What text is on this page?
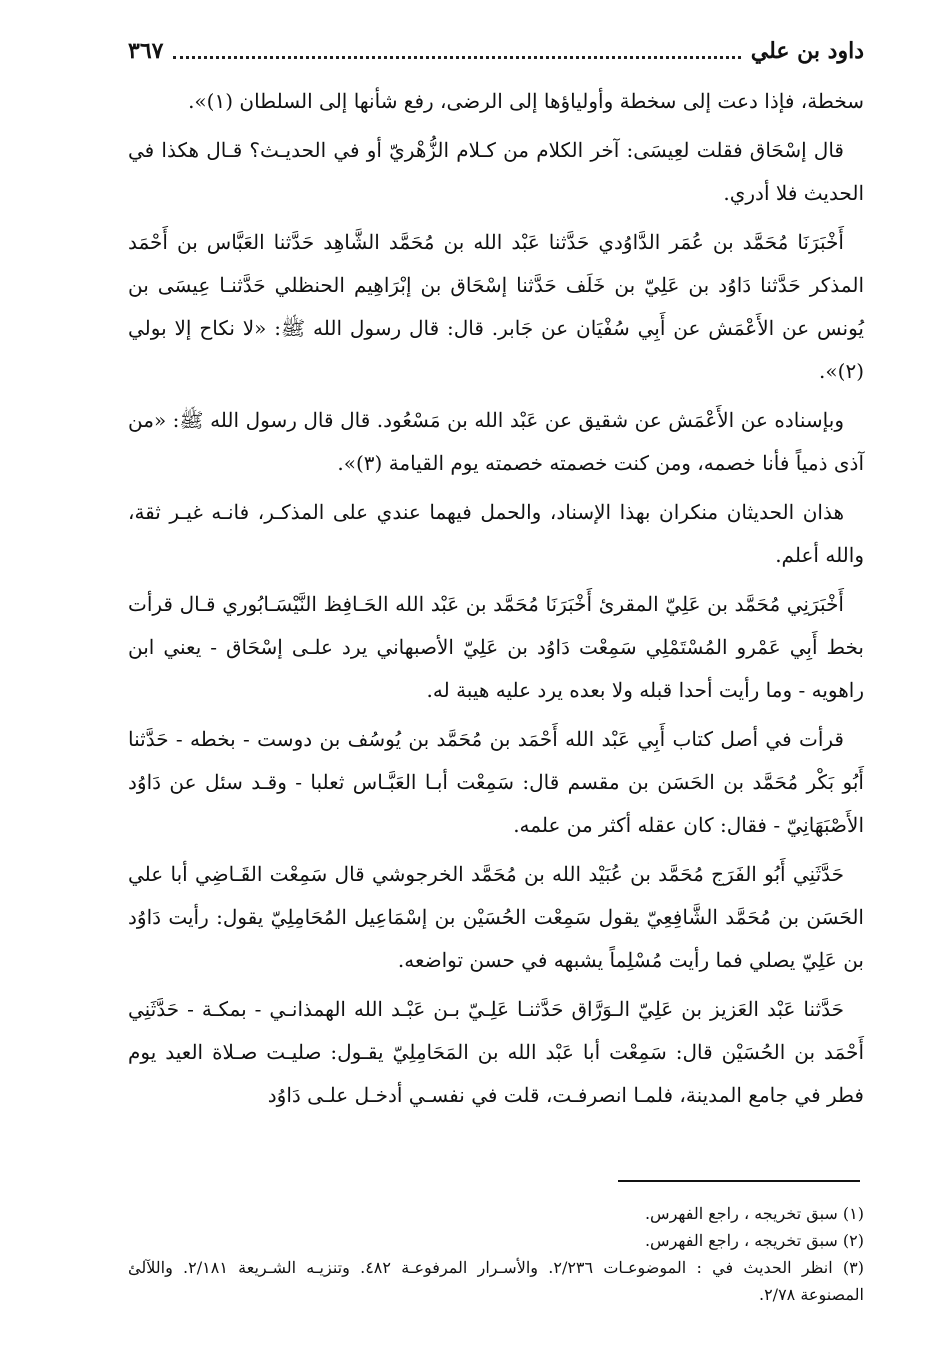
داود بن علي
٣٦٧

سخطة، فإذا دعت إلى سخطة وأولياؤها إلى الرضى، رفع شأنها إلى السلطان (١)».

قال إسْحَاق فقلت لعِيسَى: آخر الكلام من كـلام الزُّهْريّ أو في الحديـث؟ قـال هكذا في الحديث فلا أدري.

أَخْبَرَنَا مُحَمَّد بن عُمَر الدَّاوُدي حَدَّثنا عَبْد الله بن مُحَمَّد الشَّاهِد حَدَّثنا العَبَّاس بن أَحْمَد المذكر حَدَّثنا دَاوُد بن عَلِيّ بن خَلَف حَدَّثنا إسْحَاق بن إبْرَاهِيم الحنظلي حَدَّثنـا عِيسَى بن يُونس عن الأَعْمَش عن أَبِي سُفْيَان عن جَابر. قال: قال رسول الله ﷺ: «لا نكاح إلا بولي (٢)».

وبإسناده عن الأَعْمَش عن شقيق عن عَبْد الله بن مَسْعُود. قال قال رسول الله ﷺ: «من آذى ذمياً فأنا خصمه، ومن كنت خصمته خصمته يوم القيامة (٣)».

هذان الحديثان منكران بهذا الإسناد، والحمل فيهما عندي على المذكـر، فانـه غيـر ثقة، والله أعلم.

أَخْبَرَنِي مُحَمَّد بن عَلِيّ المقرئ أَخْبَرَنَا مُحَمَّد بن عَبْد الله الحَـافِظ النَّيْسَـابُوري قـال قرأت بخط أَبِي عَمْرو المُسْتَمْلِي سَمِعْت دَاوُد بن عَلِيّ الأصبهاني يرد علـى إسْحَاق - يعني ابن راهويه - وما رأيت أحدا قبله ولا بعده يرد عليه هيبة له.

قرأت في أصل كتاب أَبِي عَبْد الله أَحْمَد بن مُحَمَّد بن يُوسُف بن دوست - بخطه - حَدَّثنا أَبُو بَكْر مُحَمَّد بن الحَسَن بن مقسم قال: سَمِعْت أبـا العَبَّـاس ثعلبا - وقـد سئل عن دَاوُد الأَصْبَهَانِيّ - فقال: كان عقله أكثر من علمه.

حَدَّثَنِي أَبُو الفَرَج مُحَمَّد بن عُبَيْد الله بن مُحَمَّد الخرجوشي قال سَمِعْت القَـاضِي أبا علي الحَسَن بن مُحَمَّد الشَّافِعِيّ يقول سَمِعْت الحُسَيْن بن إسْمَاعِيل المُحَامِلِيّ يقول: رأيت دَاوُد بن عَلِيّ يصلي فما رأيت مُسْلِماً يشبهه في حسن تواضعه.

حَدَّثنا عَبْد العَزيز بن عَلِيّ الـوَرَّاق حَدَّثنـا عَلِـيّ بـن عَبْـد الله الهمذانـي - بمكـة - حَدَّثَنِي أَحْمَد بن الحُسَيْن قال: سَمِعْت أبا عَبْد الله بن المَحَامِلِيّ يقـول: صليـت صـلاة العيد يوم فطر في جامع المدينة، فلمـا انصرفـت، قلت في نفسـي أدخـل علـى دَاوُد

(١) سبق تخريجه ، راجع الفهرس.

(٢) سبق تخريجه ، راجع الفهرس.

(٣) انظر الحديث في : الموضوعـات ٢/٢٣٦. والأسـرار المرفوعـة ٤٨٢. وتنزيـه الشـريعة ٢/١٨١. واللآلئ المصنوعة ٢/٧٨.
